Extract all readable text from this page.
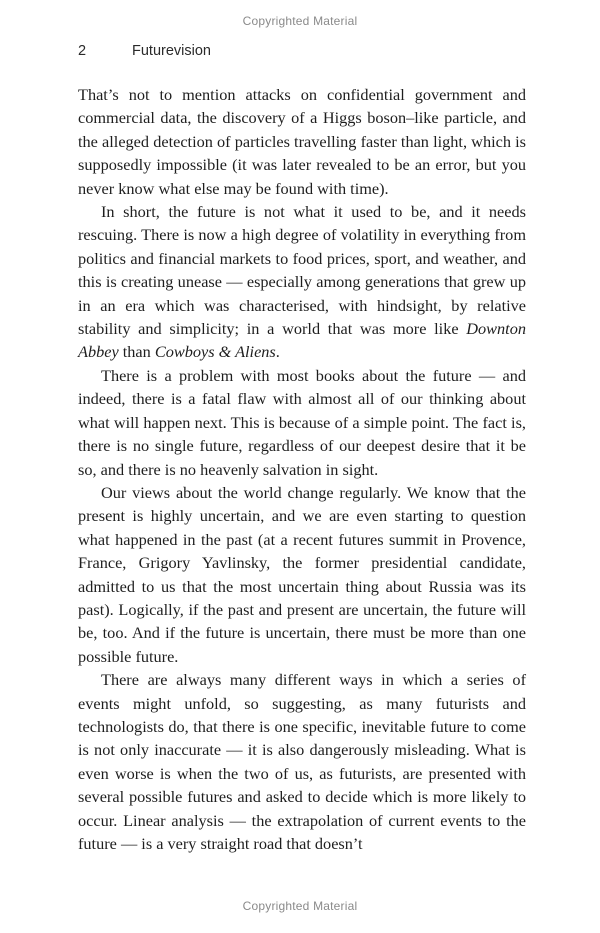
Copyrighted Material
2	Futurevision

That’s not to mention attacks on confidential government and commercial data, the discovery of a Higgs boson–like particle, and the alleged detection of particles travelling faster than light, which is supposedly impossible (it was later revealed to be an error, but you never know what else may be found with time).

In short, the future is not what it used to be, and it needs rescuing. There is now a high degree of volatility in everything from politics and financial markets to food prices, sport, and weather, and this is creating unease — especially among generations that grew up in an era which was characterised, with hindsight, by relative stability and simplicity; in a world that was more like Downton Abbey than Cowboys & Aliens.

There is a problem with most books about the future — and indeed, there is a fatal flaw with almost all of our thinking about what will happen next. This is because of a simple point. The fact is, there is no single future, regardless of our deepest desire that it be so, and there is no heavenly salvation in sight.

Our views about the world change regularly. We know that the present is highly uncertain, and we are even starting to question what happened in the past (at a recent futures summit in Provence, France, Grigory Yavlinsky, the former presidential candidate, admitted to us that the most uncertain thing about Russia was its past). Logically, if the past and present are uncertain, the future will be, too. And if the future is uncertain, there must be more than one possible future.

There are always many different ways in which a series of events might unfold, so suggesting, as many futurists and technologists do, that there is one specific, inevitable future to come is not only inaccurate — it is also dangerously misleading. What is even worse is when the two of us, as futurists, are presented with several possible futures and asked to decide which is more likely to occur. Linear analysis — the extrapolation of current events to the future — is a very straight road that doesn’t

Copyrighted Material
